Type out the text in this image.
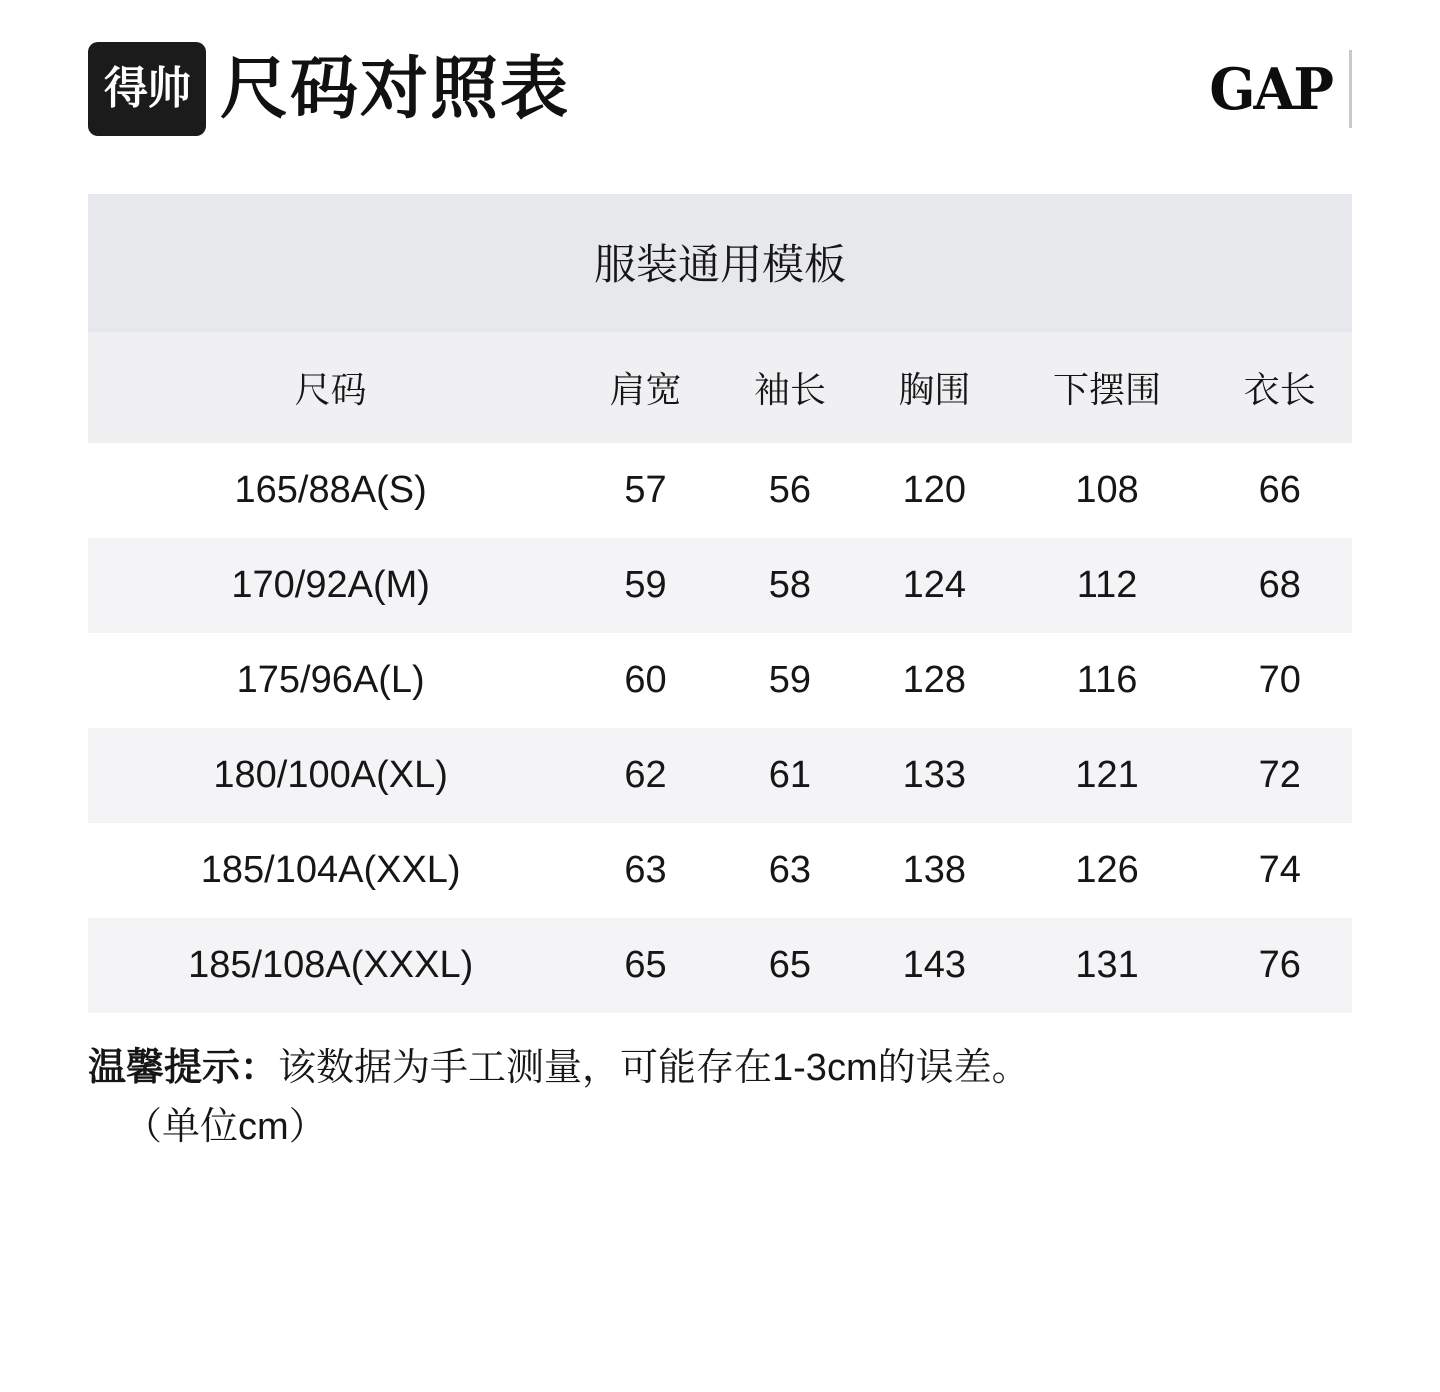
得帅 尺码对照表	GAP
服装通用模板
尺码	肩宽	袖长	胸围	下摆围	衣长
165/88A(S)	57	56	120	108	66
170/92A(M)	59	58	124	112	68
175/96A(L)	60	59	128	116	70
180/100A(XL)	62	61	133	121	72
185/104A(XXL)	63	63	138	126	74
185/108A(XXXL)	65	65	143	131	76
温馨提示：该数据为手工测量，可能存在1-3cm的误差。
（单位cm）
